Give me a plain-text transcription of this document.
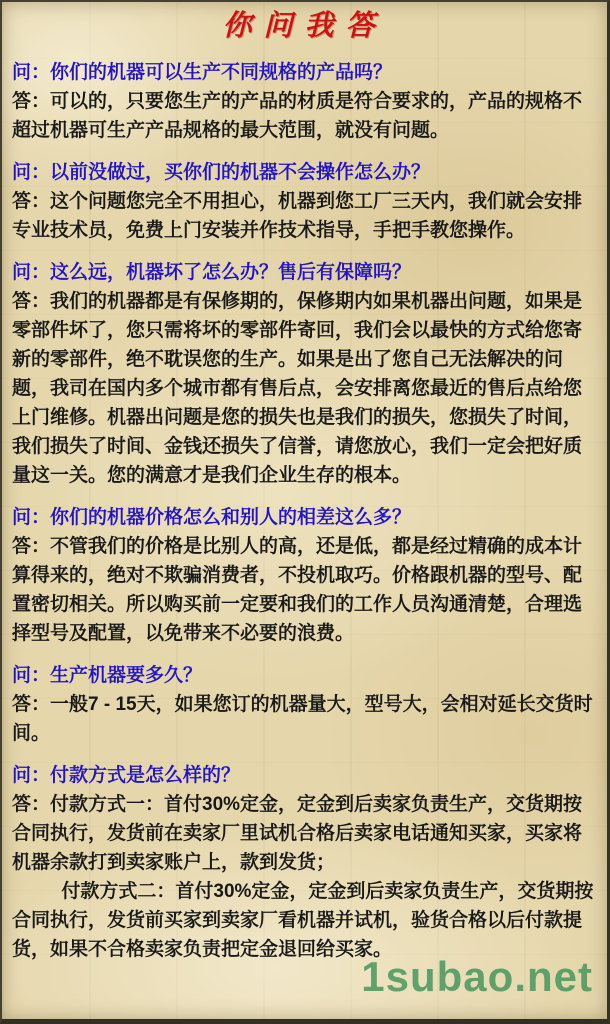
你问我答

问：你们的机器可以生产不同规格的产品吗？

答：可以的，只要您生产的产品的材质是符合要求的，产品的规格不超过机器可生产产品规格的最大范围，就没有问题。

问：以前没做过，买你们的机器不会操作怎么办？

答：这个问题您完全不用担心，机器到您工厂三天内，我们就会安排专业技术员，免费上门安装并作技术指导，手把手教您操作。

问：这么远，机器坏了怎么办？售后有保障吗？

答：我们的机器都是有保修期的，保修期内如果机器出问题，如果是零部件坏了，您只需将坏的零部件寄回，我们会以最快的方式给您寄新的零部件，绝不耽误您的生产。如果是出了您自己无法解决的问题，我司在国内多个城市都有售后点，会安排离您最近的售后点给您上门维修。机器出问题是您的损失也是我们的损失，您损失了时间，我们损失了时间、金钱还损失了信誉，请您放心，我们一定会把好质量这一关。您的满意才是我们企业生存的根本。

问：你们的机器价格怎么和别人的相差这么多？

答：不管我们的价格是比别人的高，还是低，都是经过精确的成本计算得来的，绝对不欺骗消费者，不投机取巧。价格跟机器的型号、配置密切相关。所以购买前一定要和我们的工作人员沟通清楚，合理选择型号及配置，以免带来不必要的浪费。

问：生产机器要多久？

答：一般7 - 15天，如果您订的机器量大，型号大，会相对延长交货时间。

问：付款方式是怎么样的？

答：付款方式一：首付30%定金，定金到后卖家负责生产，交货期按合同执行，发货前在卖家厂里试机合格后卖家电话通知买家，买家将机器余款打到卖家账户上，款到发货；

付款方式二：首付30%定金，定金到后卖家负责生产，交货期按合同执行，发货前买家到卖家厂看机器并试机，验货合格以后付款提货，如果不合格卖家负责把定金退回给买家。

1subao.net
